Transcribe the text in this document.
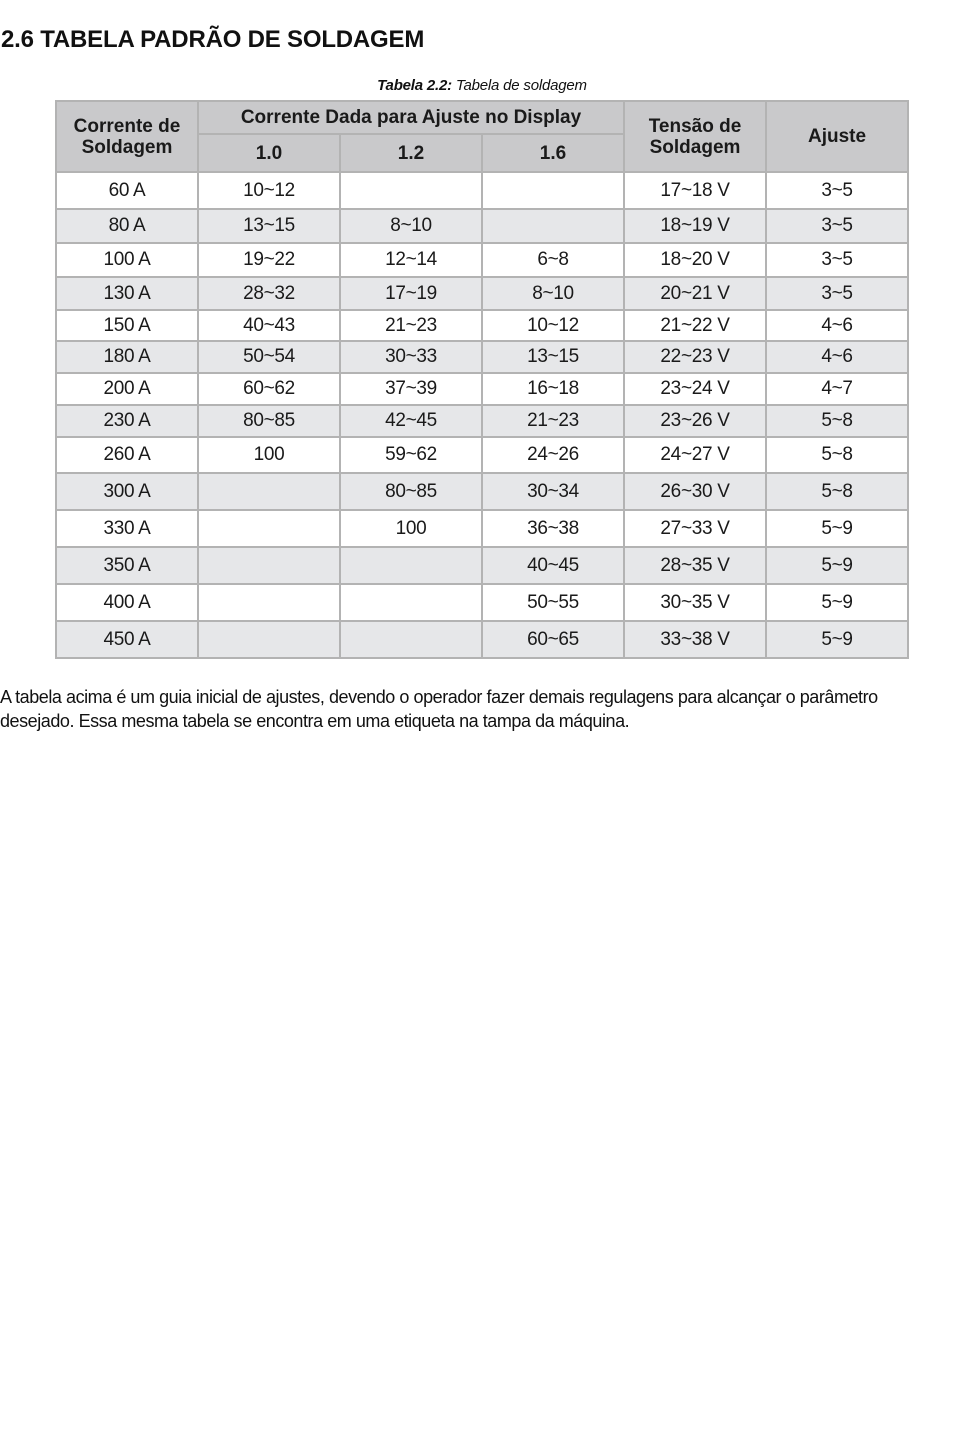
2.6 TABELA PADRÃO DE SOLDAGEM
Tabela 2.2: Tabela de soldagem
Corrente de Soldagem	Corrente Dada para Ajuste no Display			Tensão de Soldagem	Ajuste
	1.0	1.2	1.6		
60 A	10~12			17~18 V	3~5
80 A	13~15	8~10		18~19 V	3~5
100 A	19~22	12~14	6~8	18~20 V	3~5
130 A	28~32	17~19	8~10	20~21 V	3~5
150 A	40~43	21~23	10~12	21~22 V	4~6
180 A	50~54	30~33	13~15	22~23 V	4~6
200 A	60~62	37~39	16~18	23~24 V	4~7
230 A	80~85	42~45	21~23	23~26 V	5~8
260 A	100	59~62	24~26	24~27 V	5~8
300 A		80~85	30~34	26~30 V	5~8
330 A		100	36~38	27~33 V	5~9
350 A			40~45	28~35 V	5~9
400 A			50~55	30~35 V	5~9
450 A			60~65	33~38 V	5~9

A tabela acima é um guia inicial de ajustes, devendo o operador fazer demais regulagens para alcançar o parâmetro
desejado. Essa mesma tabela se encontra em uma etiqueta na tampa da máquina.
